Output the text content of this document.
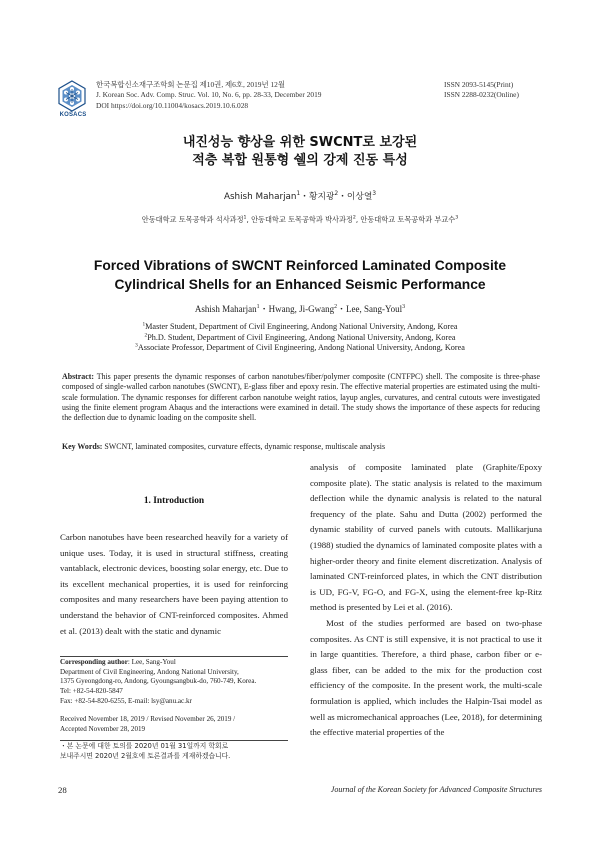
KOSACS
한국복합신소재구조학회 논문집 제10권, 제6호, 2019년 12월
J. Korean Soc. Adv. Comp. Struc. Vol. 10, No. 6, pp. 28-33, December 2019
DOI https://doi.org/10.11004/kosacs.2019.10.6.028
ISSN 2093-5145(Print)
ISSN 2288-0232(Online)
내진성능 향상을 위한 SWCNT로 보강된
적층 복합 원통형 쉘의 강제 진동 특성
Ashish Maharjan$^1$・황지광$^2$・이상열$^3$
안동대학교 토목공학과 석사과정$^1$, 안동대학교 토목공학과 박사과정$^2$, 안동대학교 토목공학과 부교수$^3$
Forced Vibrations of SWCNT Reinforced Laminated Composite
Cylindrical Shells for an Enhanced Seismic Performance
Ashish Maharjan$^1$・Hwang, Ji-Gwang$^2$・Lee, Sang-Youl$^3$
$^1$Master Student, Department of Civil Engineering, Andong National University, Andong, Korea
$^2$Ph.D. Student, Department of Civil Engineering, Andong National University, Andong, Korea
$^3$Associate Professor, Department of Civil Engineering, Andong National University, Andong, Korea
Abstract: This paper presents the dynamic responses of carbon nanotubes/fiber/polymer composite (CNTFPC) shell. The composite is three-phase composed of single-walled carbon nanotubes (SWCNT), E-glass fiber and epoxy resin. The effective material properties are estimated using the multi-scale formulation. The dynamic responses for different carbon nanotube weight ratios, layup angles, curvatures, and central cutouts were investigated using the finite element program Abaqus and the interactions were examined in detail. The study shows the importance of these aspects for reducing the deflection due to dynamic loading on the composite shell.
Key Words: SWCNT, laminated composites, curvature effects, dynamic response, multiscale analysis
1. Introduction

Carbon nanotubes have been researched heavily for a variety of unique uses. Today, it is used in structural stiffness, creating vantablack, electronic devices, boosting solar energy, etc. Due to its excellent mechanical properties, it is used for reinforcing composites and many researchers have been paying attention to understand the behavior of CNT-reinforced composites. Ahmed et al. (2013) dealt with the static and dynamic

analysis of composite laminated plate (Graphite/Epoxy composite plate). The static analysis is related to the maximum deflection while the dynamic analysis is related to the natural frequency of the plate. Sahu and Dutta (2002) performed the dynamic stability of curved panels with cutouts. Mallikarjuna (1988) studied the dynamics of laminated composite plates with a higher-order theory and finite element discretization. Analysis of laminated CNT-reinforced plates, in which the CNT distribution is UD, FG-V, FG-O, and FG-X, using the element-free kp-Ritz method is presented by Lei et al. (2016).

Most of the studies performed are based on two-phase composites. As CNT is still expensive, it is not practical to use it in large quantities. Therefore, a third phase, carbon fiber or e-glass fiber, can be added to the mix for the production cost efficiency of the composite. In the present work, the multi-scale formulation is applied, which includes the Halpin-Tsai model as well as micromechanical approaches (Lee, 2018), for determining the effective material properties of the

Corresponding author: Lee, Sang-Youl
Department of Civil Engineering, Andong National University,
1375 Gyeongdong-ro, Andong, Gyoungsangbuk-do, 760-749, Korea.
Tel: +82-54-820-5847
Fax: +82-54-820-6255, E-mail: lsy@anu.ac.kr
Received November 18, 2019 / Revised November 26, 2019 /
Accepted November 28, 2019
・본 논문에 대한 토의를 2020년 01월 31일까지 학회로
보내주시면 2020년 2월호에 토론결과를 게재하겠습니다.
28	Journal of the Korean Society for Advanced Composite Structures
